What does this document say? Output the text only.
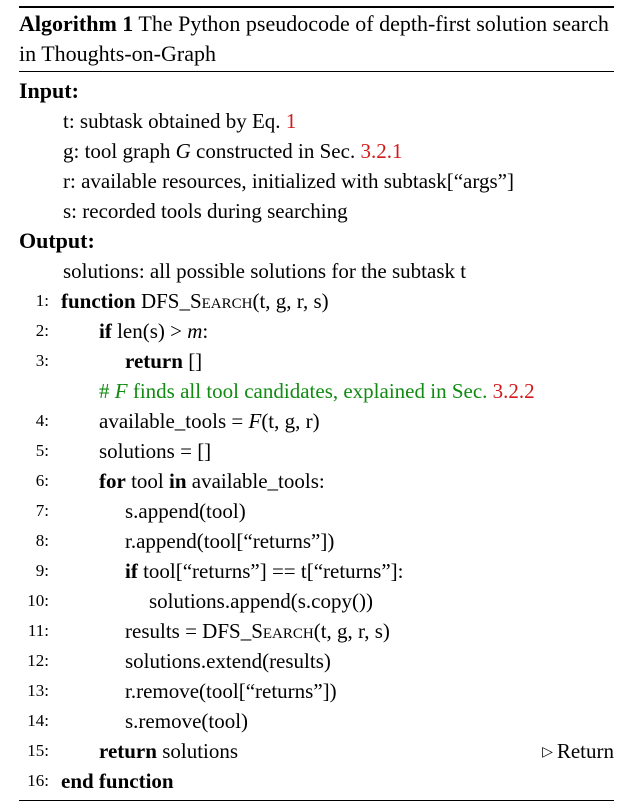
Algorithm 1 The Python pseudocode of depth-first solution search in Thoughts-on-Graph
Input:
t: subtask obtained by Eq. 1
g: tool graph G constructed in Sec. 3.2.1
r: available resources, initialized with subtask[“args”]
s: recorded tools during searching
Output:
solutions: all possible solutions for the subtask t
1: function DFS_Search(t, g, r, s)
2: if len(s) > m:
3:	return []
# F finds all tool candidates, explained in Sec. 3.2.2
4: available_tools = F(t, g, r)
5: solutions = []
6: for tool in available_tools:
7:	s.append(tool)
8:	r.append(tool[“returns”])
9:	if tool[“returns”] == t[“returns”]:
10:	solutions.append(s.copy())
11:	results = DFS_Search(t, g, r, s)
12:	solutions.extend(results)
13:	r.remove(tool[“returns”])
14:	s.remove(tool)
15: return solutions	▷ Return
16: end function
